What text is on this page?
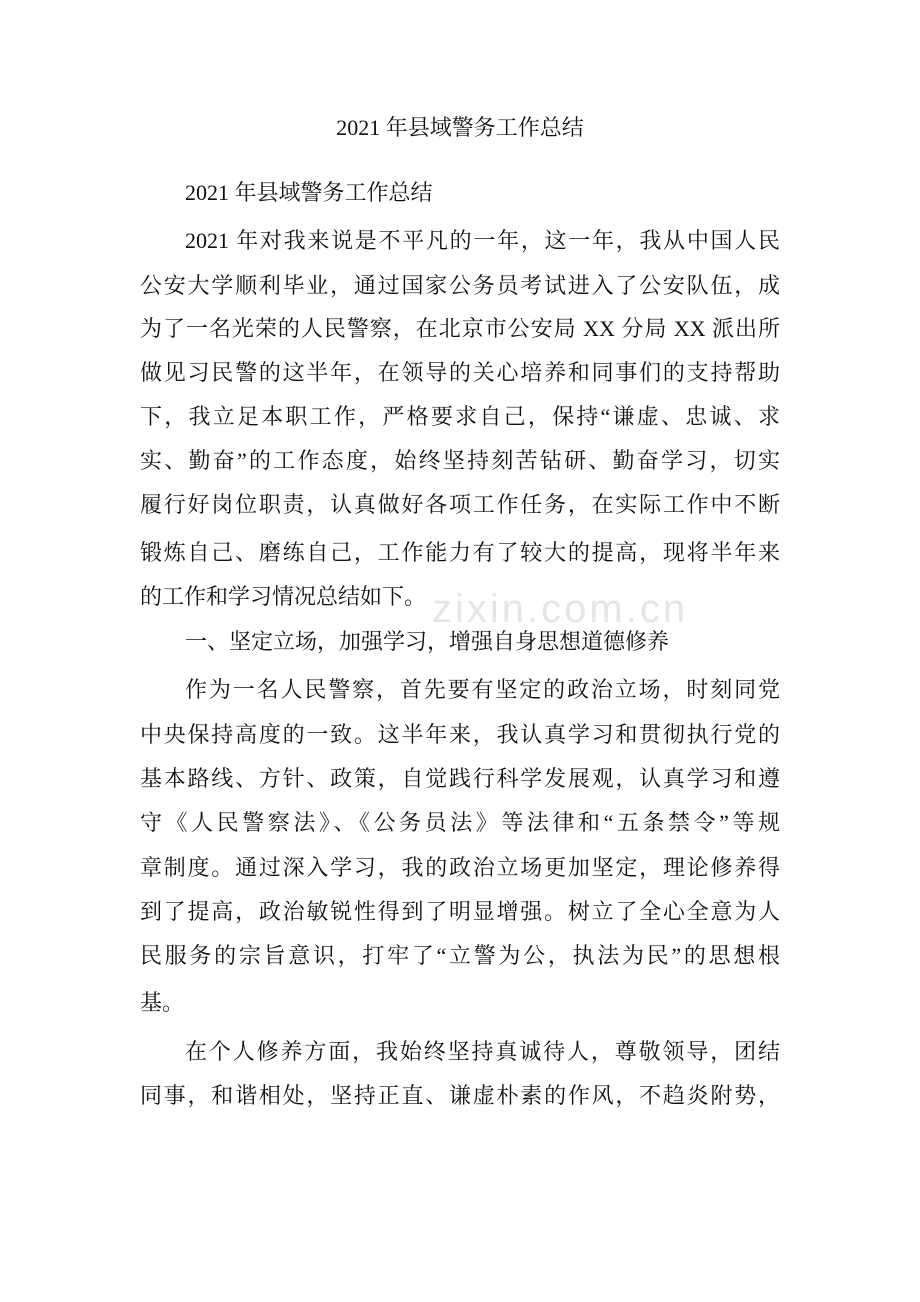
zixin.com.cn
2021 年县域警务工作总结
2021 年县域警务工作总结
2021 年对我来说是不平凡的一年，这一年，我从中国人民
公安大学顺利毕业，通过国家公务员考试进入了公安队伍，成
为了一名光荣的人民警察，在北京市公安局 XX 分局 XX 派出所
做见习民警的这半年，在领导的关心培养和同事们的支持帮助
下，我立足本职工作，严格要求自己，保持“谦虚、忠诚、求
实、勤奋”的工作态度，始终坚持刻苦钻研、勤奋学习，切实
履行好岗位职责，认真做好各项工作任务，在实际工作中不断
锻炼自己、磨练自己，工作能力有了较大的提高，现将半年来
的工作和学习情况总结如下。
一、坚定立场，加强学习，增强自身思想道德修养
作为一名人民警察，首先要有坚定的政治立场，时刻同党
中央保持高度的一致。这半年来，我认真学习和贯彻执行党的
基本路线、方针、政策，自觉践行科学发展观，认真学习和遵
守《人民警察法》、《公务员法》等法律和“五条禁令”等规
章制度。通过深入学习，我的政治立场更加坚定，理论修养得
到了提高，政治敏锐性得到了明显增强。树立了全心全意为人
民服务的宗旨意识，打牢了“立警为公，执法为民”的思想根
基。
在个人修养方面，我始终坚持真诚待人，尊敬领导，团结
同事，和谐相处，坚持正直、谦虚朴素的作风，不趋炎附势，
